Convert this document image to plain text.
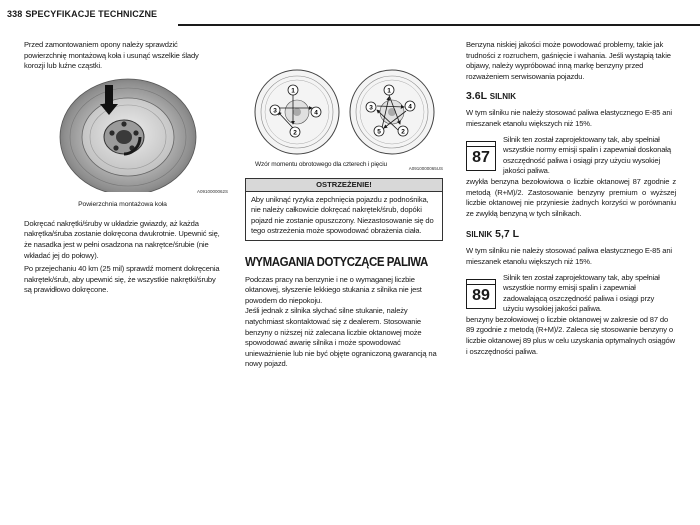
338 SPECYFIKACJE TECHNICZNE

Przed zamontowaniem opony należy sprawdzić powierzchnię montażową koła i usunąć wszelkie ślady korozji lub luźne cząstki.

A0910000062S

Powierzchnia montażowa koła

Dokręcać nakrętki/śruby w układzie gwiazdy, aż każda nakrętka/śruba zostanie dokręcona dwukrotnie. Upewnić się, że nasadka jest w pełni osadzona na nakrętce/śrubie (nie wkładać jej do połowy).

Po przejechaniu 40 km (25 mil) sprawdź moment dokręcenia nakrętek/śrub, aby upewnić się, że wszystkie nakrętki/śruby są prawidłowo dokręcone.

1
2
3	4
1
2
3	4
5
Wzór momentu obrotowego dla czterech i pięciu
A0910000065US
OSTRZEŻENIE!

Aby uniknąć ryzyka zepchnięcia pojazdu z podnośnika, nie należy całkowicie dokręcać nakrętek/śrub, dopóki pojazd nie zostanie opuszczony. Niezastosowanie się do tego ostrzeżenia może spowodować obrażenia ciała.

WYMAGANIA DOTYCZĄCE PALIWA

Podczas pracy na benzynie i ne o wymaganej liczbie oktanowej, słyszenie lekkiego stukania z silnika nie jest powodem do niepokoju.

Jeśli jednak z silnika słychać silne stukanie, należy natychmiast skontaktować się z dealerem. Stosowanie benzyny o niższej niż zalecana liczbie oktanowej może spowodować awarię silnika i może spowodować unieważnienie lub nie być objęte ograniczoną gwarancją na nowy pojazd.

Benzyna niskiej jakości może powodować problemy, takie jak trudności z rozruchem, gaśnięcie i wahania. Jeśli wystąpią takie objawy, należy wypróbować inną markę benzyny przed rozważeniem serwisowania pojazdu.

3.6L SILNIK

W tym silniku nie należy stosować paliwa elastycznego E-85 ani mieszanek etanolu większych niż 15%.

87

Silnik ten został zaprojektowany tak, aby spełniał wszystkie normy emisji spalin i zapewniał doskonałą oszczędność paliwa i osiągi przy użyciu wysokiej jakości paliwa.

zwykła benzyna bezołowiowa o liczbie oktanowej 87 zgodnie z metodą (R+M)/2. Zastosowanie benzyny premium o wyższej liczbie oktanowej nie przyniesie żadnych korzyści w porównaniu ze zwykłą benzyną w tych silnikach.

SILNIK 5,7 L

W tym silniku nie należy stosować paliwa elastycznego E-85 ani mieszanek etanolu większych niż 15%.

89

Silnik ten został zaprojektowany tak, aby spełniał wszystkie normy emisji spalin i zapewniał zadowalającą oszczędność paliwa i osiągi przy użyciu wysokiej jakości paliwa.

benzyny bezołowiowej o liczbie oktanowej w zakresie od 87 do 89 zgodnie z metodą (R+M)/2. Zaleca się stosowanie benzyny o liczbie oktanowej 89 plus w celu uzyskania optymalnych osiągów i oszczędności paliwa.
